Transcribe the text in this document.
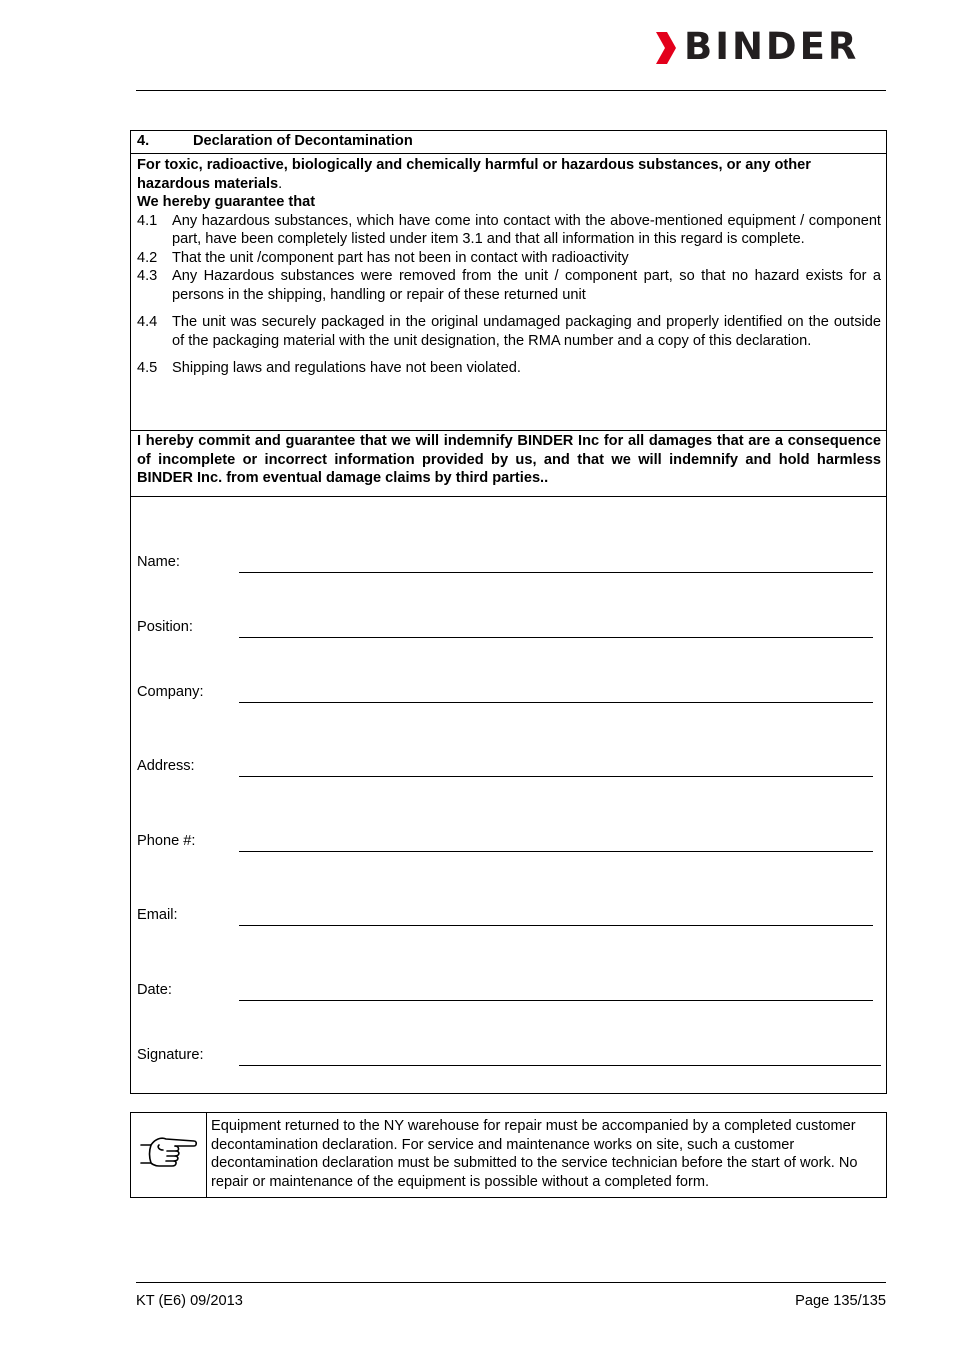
BINDER
4.	Declaration of Decontamination
For toxic, radioactive, biologically and chemically harmful or hazardous substances, or any other hazardous materials.
We hereby guarantee that
4.1 Any hazardous substances, which have come into contact with the above-mentioned equipment / component part, have been completely listed under item 3.1 and that all information in this regard is complete.
4.2 That the unit /component part has not been in contact with radioactivity
4.3 Any Hazardous substances were removed from the unit / component part, so that no hazard exists for a persons in the shipping, handling or repair of these returned unit
4.4 The unit was securely packaged in the original undamaged packaging and properly identified on the outside of the packaging material with the unit designation, the RMA number and a copy of this declaration.
4.5 Shipping laws and regulations have not been violated.
I hereby commit and guarantee that we will indemnify BINDER Inc for all damages that are a consequence of incomplete or incorrect information provided by us, and that we will indemnify and hold harmless BINDER Inc. from eventual damage claims by third parties..
Name:
Position:
Company:
Address:
Phone #:
Email:
Date:
Signature:
Equipment returned to the NY warehouse for repair must be accompanied by a completed customer decontamination declaration. For service and maintenance works on site, such a customer decontamination declaration must be submitted to the service technician before the start of work. No repair or maintenance of the equipment is possible without a completed form.
KT (E6) 09/2013	Page 135/135
